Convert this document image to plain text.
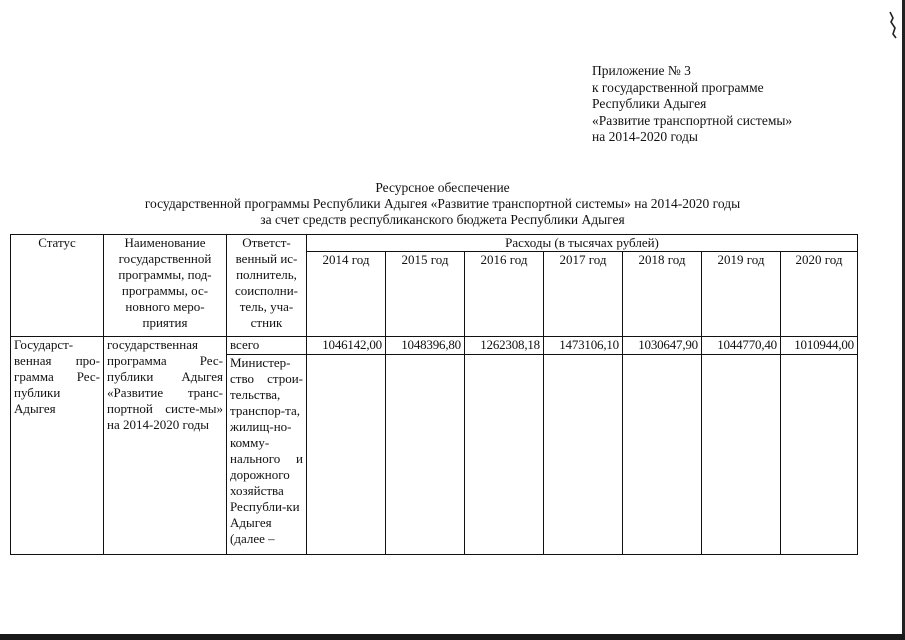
Приложение № 3
к государственной программе
Республики Адыгея
«Развитие транспортной системы»
на 2014-2020 годы
Ресурсное обеспечение
государственной программы Республики Адыгея «Развитие транспортной системы» на 2014-2020 годы
за счет средств республиканского бюджета Республики Адыгея
Статус	Наименование государственной программы, под-программы, ос-новного меро-приятия	Ответст-венный ис-полнитель, соисполни-тель, уча-стник	Расходы (в тысячах рублей)						
			2014 год	2015 год	2016 год	2017 год	2018 год	2019 год	2020 год
Государст-венная про-грамма Рес-публики Адыгея	государственная программа Рес-публики Адыгея «Развитие транс-портной систе-мы» на 2014-2020 годы	всего	1046142,00	1048396,80	1262308,18	1473106,10	1030647,90	1044770,40	1010944,00
		Министер-ство строи-тельства, транспор-та, жилищ-но-комму-нального и дорожного хозяйства Республи-ки Адыгея (далее –							
